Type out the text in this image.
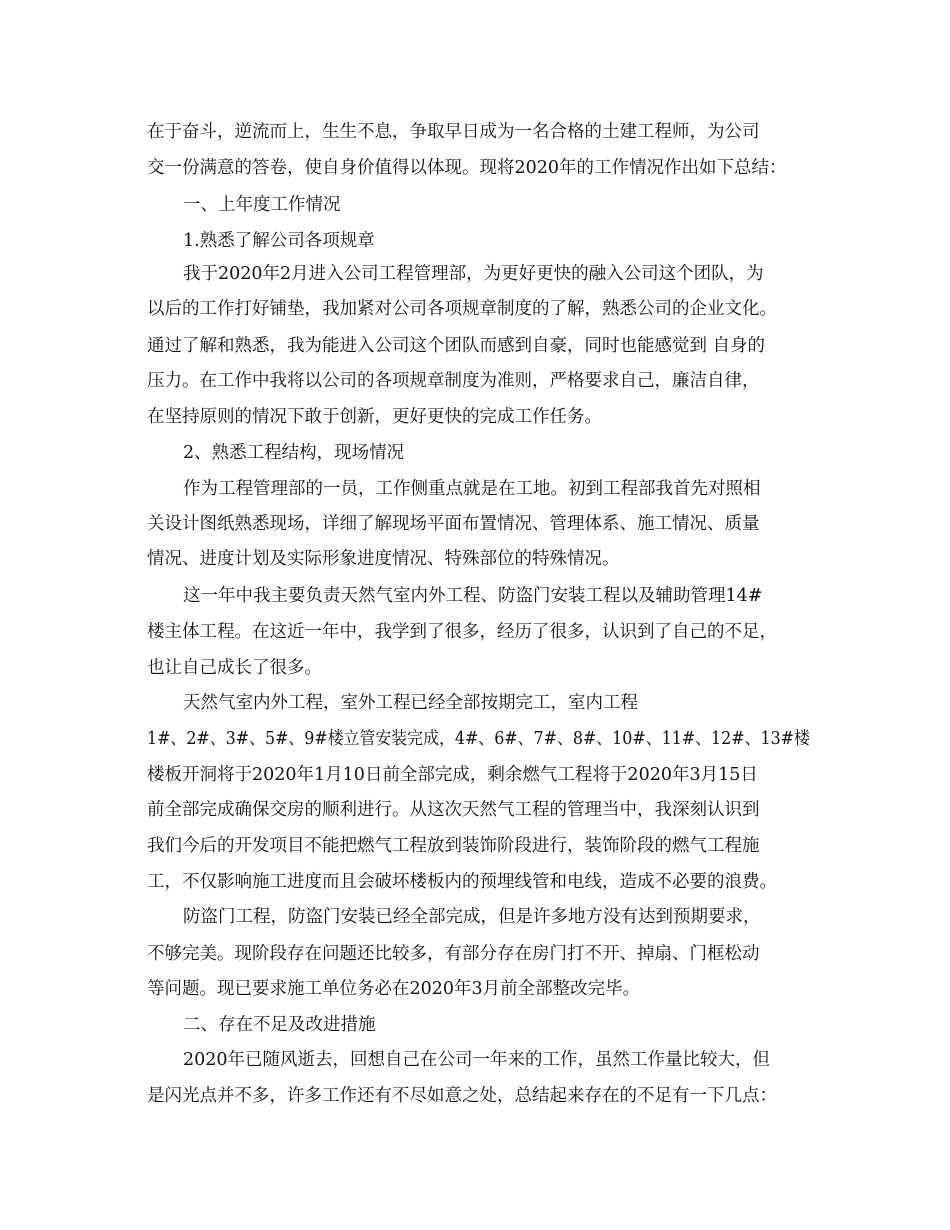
在于奋斗，逆流而上，生生不息，争取早日成为一名合格的土建工程师，为公司
交一份满意的答卷，使自身价值得以体现。现将2020年的工作情况作出如下总结：
一、上年度工作情况
1.熟悉了解公司各项规章
我于2020年2月进入公司工程管理部，为更好更快的融入公司这个团队，为
以后的工作打好铺垫，我加紧对公司各项规章制度的了解，熟悉公司的企业文化。
通过了解和熟悉，我为能进入公司这个团队而感到自豪，同时也能感觉到 自身的
压力。在工作中我将以公司的各项规章制度为准则，严格要求自己，廉洁自律，
在坚持原则的情况下敢于创新，更好更快的完成工作任务。
2、熟悉工程结构，现场情况
作为工程管理部的一员，工作侧重点就是在工地。初到工程部我首先对照相
关设计图纸熟悉现场，详细了解现场平面布置情况、管理体系、施工情况、质量
情况、进度计划及实际形象进度情况、特殊部位的特殊情况。
这一年中我主要负责天然气室内外工程、防盗门安装工程以及辅助管理14#
楼主体工程。在这近一年中，我学到了很多，经历了很多，认识到了自己的不足，
也让自己成长了很多。
天然气室内外工程，室外工程已经全部按期完工，室内工程
1#、2#、3#、5#、9#楼立管安装完成，4#、6#、7#、8#、10#、11#、12#、13#楼
楼板开洞将于2020年1月10日前全部完成，剩余燃气工程将于2020年3月15日
前全部完成确保交房的顺利进行。从这次天然气工程的管理当中，我深刻认识到
我们今后的开发项目不能把燃气工程放到装饰阶段进行，装饰阶段的燃气工程施
工，不仅影响施工进度而且会破坏楼板内的预埋线管和电线，造成不必要的浪费。
防盗门工程，防盗门安装已经全部完成，但是许多地方没有达到预期要求，
不够完美。现阶段存在问题还比较多，有部分存在房门打不开、掉扇、门框松动
等问题。现已要求施工单位务必在2020年3月前全部整改完毕。
二、存在不足及改进措施
2020年已随风逝去，回想自己在公司一年来的工作，虽然工作量比较大，但
是闪光点并不多，许多工作还有不尽如意之处，总结起来存在的不足有一下几点：
